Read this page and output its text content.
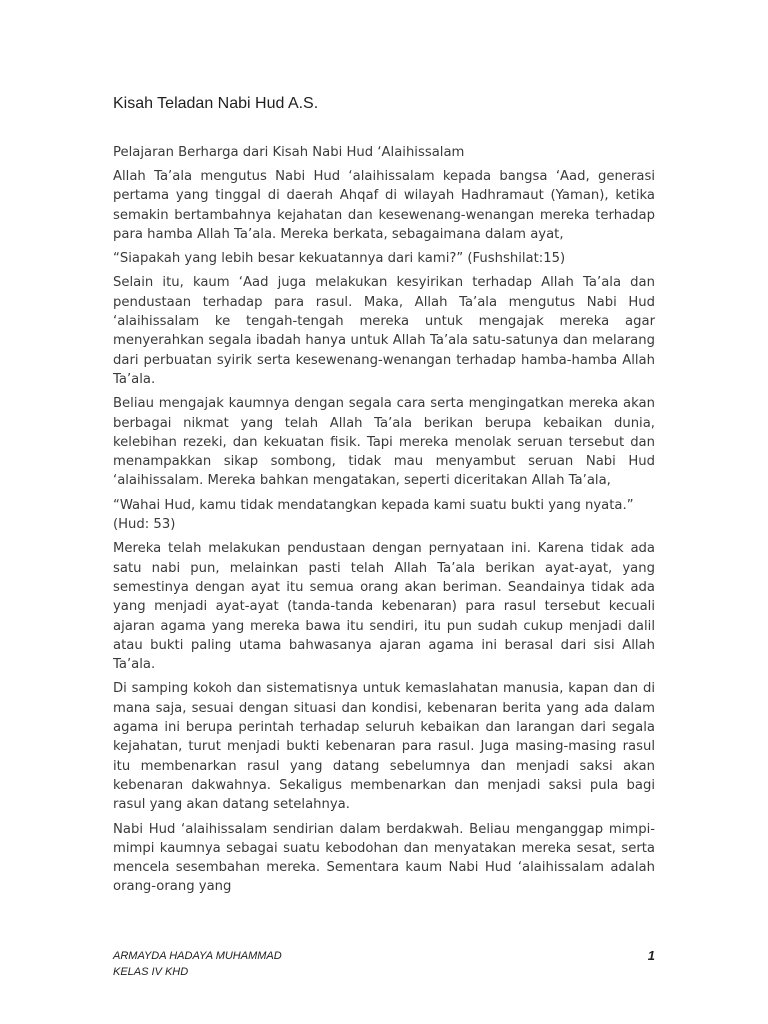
Kisah Teladan Nabi Hud A.S.

Pelajaran Berharga dari Kisah Nabi Hud ‘Alaihissalam

Allah Ta’ala mengutus Nabi Hud ‘alaihissalam kepada bangsa ‘Aad, generasi pertama yang tinggal di daerah Ahqaf di wilayah Hadhramaut (Yaman), ketika semakin bertambahnya kejahatan dan kesewenang-wenangan mereka terhadap para hamba Allah Ta’ala. Mereka berkata, sebagaimana dalam ayat,

“Siapakah yang lebih besar kekuatannya dari kami?” (Fushshilat:15)

Selain itu, kaum ‘Aad juga melakukan kesyirikan terhadap Allah Ta’ala dan pendustaan terhadap para rasul. Maka, Allah Ta’ala mengutus Nabi Hud ‘alaihissalam ke tengah-tengah mereka untuk mengajak mereka agar menyerahkan segala ibadah hanya untuk Allah Ta’ala satu-satunya dan melarang dari perbuatan syirik serta kesewenang-wenangan terhadap hamba-hamba Allah Ta’ala.

Beliau mengajak kaumnya dengan segala cara serta mengingatkan mereka akan berbagai nikmat yang telah Allah Ta’ala berikan berupa kebaikan dunia, kelebihan rezeki, dan kekuatan fisik. Tapi mereka menolak seruan tersebut dan menampakkan sikap sombong, tidak mau menyambut seruan Nabi Hud ‘alaihissalam. Mereka bahkan mengatakan, seperti diceritakan Allah Ta’ala,

“Wahai Hud, kamu tidak mendatangkan kepada kami suatu bukti yang nyata.” (Hud: 53)

Mereka telah melakukan pendustaan dengan pernyataan ini. Karena tidak ada satu nabi pun, melainkan pasti telah Allah Ta’ala berikan ayat-ayat, yang semestinya dengan ayat itu semua orang akan beriman. Seandainya tidak ada yang menjadi ayat-ayat (tanda-tanda kebenaran) para rasul tersebut kecuali ajaran agama yang mereka bawa itu sendiri, itu pun sudah cukup menjadi dalil atau bukti paling utama bahwasanya ajaran agama ini berasal dari sisi Allah Ta’ala.

Di samping kokoh dan sistematisnya untuk kemaslahatan manusia, kapan dan di mana saja, sesuai dengan situasi dan kondisi, kebenaran berita yang ada dalam agama ini berupa perintah terhadap seluruh kebaikan dan larangan dari segala kejahatan, turut menjadi bukti kebenaran para rasul. Juga masing-masing rasul itu membenarkan rasul yang datang sebelumnya dan menjadi saksi akan kebenaran dakwahnya. Sekaligus membenarkan dan menjadi saksi pula bagi rasul yang akan datang setelahnya.

Nabi Hud ‘alaihissalam sendirian dalam berdakwah. Beliau menganggap mimpi-mimpi kaumnya sebagai suatu kebodohan dan menyatakan mereka sesat, serta mencela sesembahan mereka. Sementara kaum Nabi Hud ‘alaihissalam adalah orang-orang yang

ARMAYDA HADAYA MUHAMMAD
KELAS IV KHD
1
